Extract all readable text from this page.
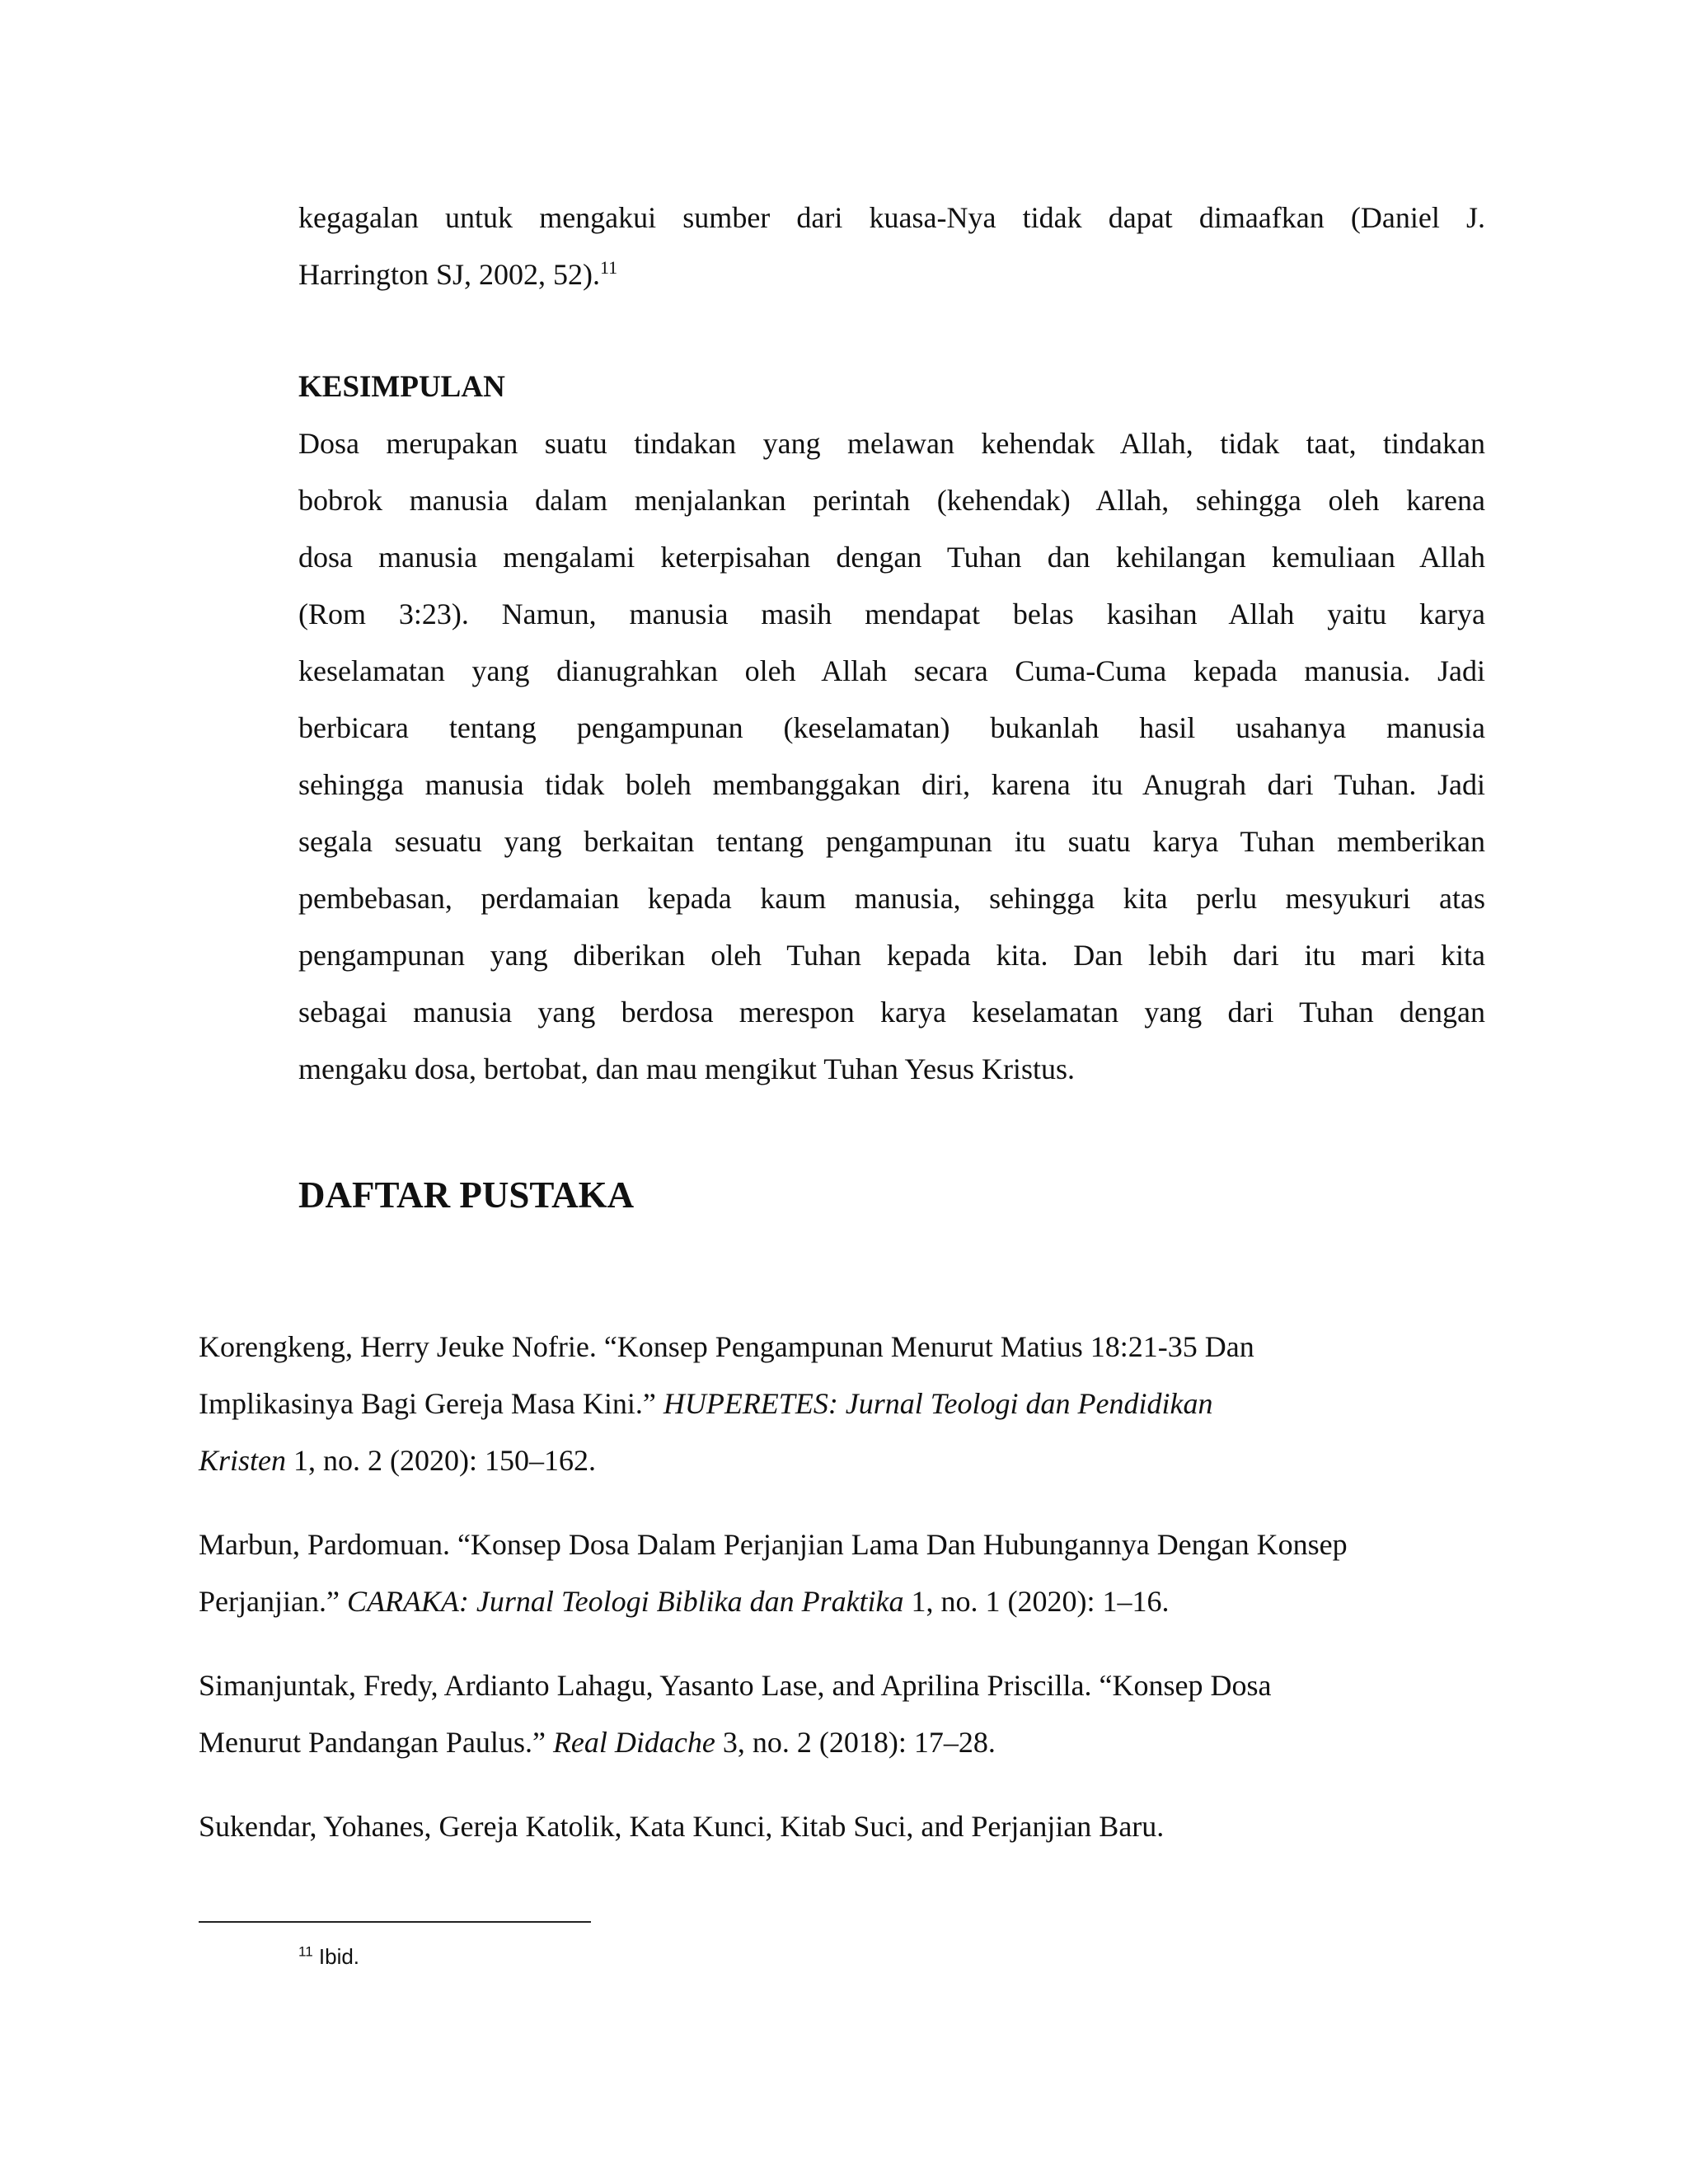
kegagalan untuk mengakui sumber dari kuasa-Nya tidak dapat dimaafkan (Daniel J.
Harrington SJ, 2002, 52).$^{11}$
KESIMPULAN
Dosa merupakan suatu tindakan yang melawan kehendak Allah, tidak taat, tindakan
bobrok manusia dalam menjalankan perintah (kehendak) Allah, sehingga oleh karena
dosa manusia mengalami keterpisahan dengan Tuhan dan kehilangan kemuliaan Allah
(Rom 3:23). Namun, manusia masih mendapat belas kasihan Allah yaitu karya
keselamatan yang dianugrahkan oleh Allah secara Cuma-Cuma kepada manusia. Jadi
berbicara tentang pengampunan (keselamatan) bukanlah hasil usahanya manusia
sehingga manusia tidak boleh membanggakan diri, karena itu Anugrah dari Tuhan. Jadi
segala sesuatu yang berkaitan tentang pengampunan itu suatu karya Tuhan memberikan
pembebasan, perdamaian kepada kaum manusia, sehingga kita perlu mesyukuri atas
pengampunan yang diberikan oleh Tuhan kepada kita. Dan lebih dari itu mari kita
sebagai manusia yang berdosa merespon karya keselamatan yang dari Tuhan dengan
mengaku dosa, bertobat, dan mau mengikut Tuhan Yesus Kristus.
DAFTAR PUSTAKA
Korengkeng, Herry Jeuke Nofrie. “Konsep Pengampunan Menurut Matius 18:21-35 Dan
Implikasinya Bagi Gereja Masa Kini.” HUPERETES: Jurnal Teologi dan Pendidikan
Kristen 1, no. 2 (2020): 150–162.
Marbun, Pardomuan. “Konsep Dosa Dalam Perjanjian Lama Dan Hubungannya Dengan Konsep
Perjanjian.” CARAKA: Jurnal Teologi Biblika dan Praktika 1, no. 1 (2020): 1–16.
Simanjuntak, Fredy, Ardianto Lahagu, Yasanto Lase, and Aprilina Priscilla. “Konsep Dosa
Menurut Pandangan Paulus.” Real Didache 3, no. 2 (2018): 17–28.
Sukendar, Yohanes, Gereja Katolik, Kata Kunci, Kitab Suci, and Perjanjian Baru.
$^{11}$ Ibid.
